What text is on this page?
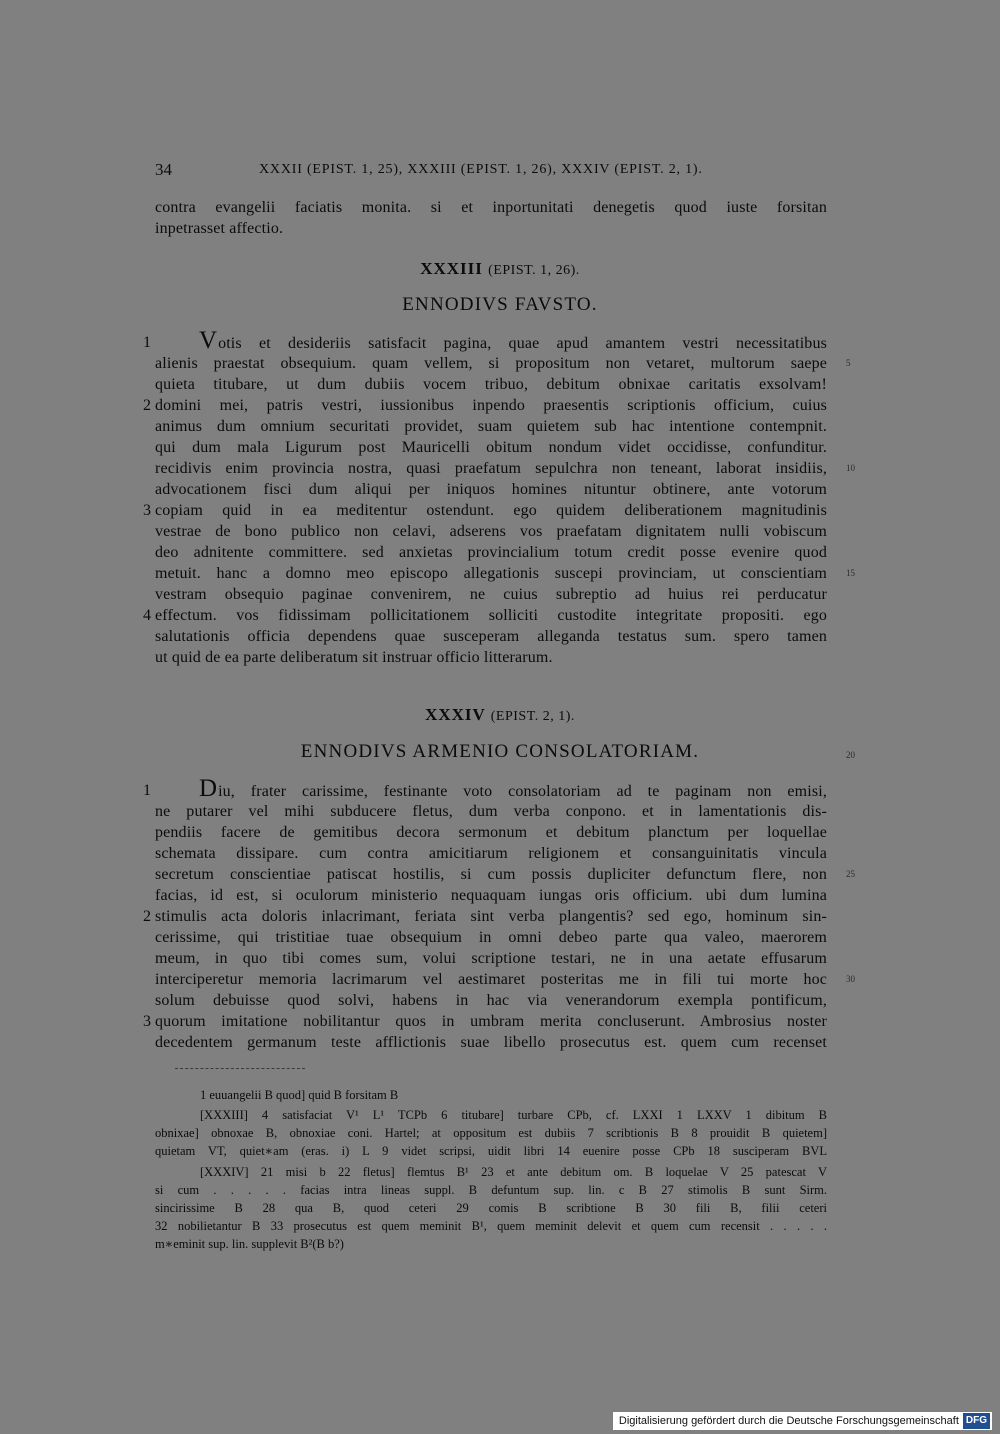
34	XXXII (EPIST. 1, 25), XXXIII (EPIST. 1, 26), XXXIV (EPIST. 2, 1).
contra evangelii faciatis monita. si et inportunitati denegetis quod iuste forsitan
inpetrasset affectio.
XXXIII (EPIST. 1, 26).
ENNODIVS FAVSTO.
Votis et desideriis satisfacit pagina, quae apud amantem vestri necessitatibus
alienis praestat obsequium. quam vellem, si propositum non vetaret, multorum saepe
quieta titubare, ut dum dubiis vocem tribuo, debitum obnixae caritatis exsolvam!
domini mei, patris vestri, iussionibus inpendo praesentis scriptionis officium, cuius
animus dum omnium securitati providet, suam quietem sub hac intentione contempnit.
qui dum mala Ligurum post Mauricelli obitum nondum videt occidisse, confunditur.
recidivis enim provincia nostra, quasi praefatum sepulchra non teneant, laborat insidiis,
advocationem fisci dum aliqui per iniquos homines nituntur obtinere, ante votorum
copiam quid in ea meditentur ostendunt. ego quidem deliberationem magnitudinis
vestrae de bono publico non celavi, adserens vos praefatam dignitatem nulli vobiscum
deo adnitente committere. sed anxietas provincialium totum credit posse evenire quod
metuit. hanc a domno meo episcopo allegationis suscepi provinciam, ut conscientiam
vestram obsequio paginae convenirem, ne cuius subreptio ad huius rei perducatur
effectum. vos fidissimam pollicitationem solliciti custodite integritate propositi. ego
salutationis officia dependens quae susceperam alleganda testatus sum. spero tamen
ut quid de ea parte deliberatum sit instruar officio litterarum.
1
2
3
4
5
10
15
20
XXXIV (EPIST. 2, 1).
ENNODIVS ARMENIO CONSOLATORIAM.
Diu, frater carissime, festinante voto consolatoriam ad te paginam non emisi,
ne putarer vel mihi subducere fletus, dum verba conpono. et in lamentationis dis-
pendiis facere de gemitibus decora sermonum et debitum planctum per loquellae
schemata dissipare. cum contra amicitiarum religionem et consanguinitatis vincula
secretum conscientiae patiscat hostilis, si cum possis dupliciter defunctum flere, non
facias, id est, si oculorum ministerio nequaquam iungas oris officium. ubi dum lumina
stimulis acta doloris inlacrimant, feriata sint verba plangentis? sed ego, hominum sin-
cerissime, qui tristitiae tuae obsequium in omni debeo parte qua valeo, maerorem
meum, in quo tibi comes sum, volui scriptione testari, ne in una aetate effusarum
interciperetur memoria lacrimarum vel aestimaret posteritas me in fili tui morte hoc
solum debuisse quod solvi, habens in hac via venerandorum exempla pontificum,
quorum imitatione nobilitantur quos in umbram merita concluserunt. Ambrosius noster
decedentem germanum teste afflictionis suae libello prosecutus est. quem cum recenset
1
2
3
25
30
1 euuangelii B quod] quid B forsitam B
[XXXIII] 4 satisfaciat V¹ L¹ TCPb 6 titubare] turbare CPb, cf. LXXI 1 LXXV 1 dibitum B
obnixae] obnoxae B, obnoxiae coni. Hartel; at oppositum est dubiis 7 scribtionis B 8 prouidit B quietem]
quietam VT, quiet∗am (eras. i) L 9 videt scripsi, uidit libri 14 euenire posse CPb 18 susciperam BVL
[XXXIV] 21 misi b 22 fletus] flemtus B¹ 23 et ante debitum om. B loquelae V 25 patescat V
si cum . . . . . facias intra lineas suppl. B defuntum sup. lin. c B 27 stimolis B sunt Sirm.
sincirissime B 28 qua B, quod ceteri 29 comis B scribtione B 30 fili B, filii ceteri
32 nobilietantur B 33 prosecutus est quem meminit B¹, quem meminit delevit et quem cum recensit . . . . .
m∗eminit sup. lin. supplevit B²(B b?)
Digitalisierung gefördert durch die Deutsche Forschungsgemeinschaft DFG
